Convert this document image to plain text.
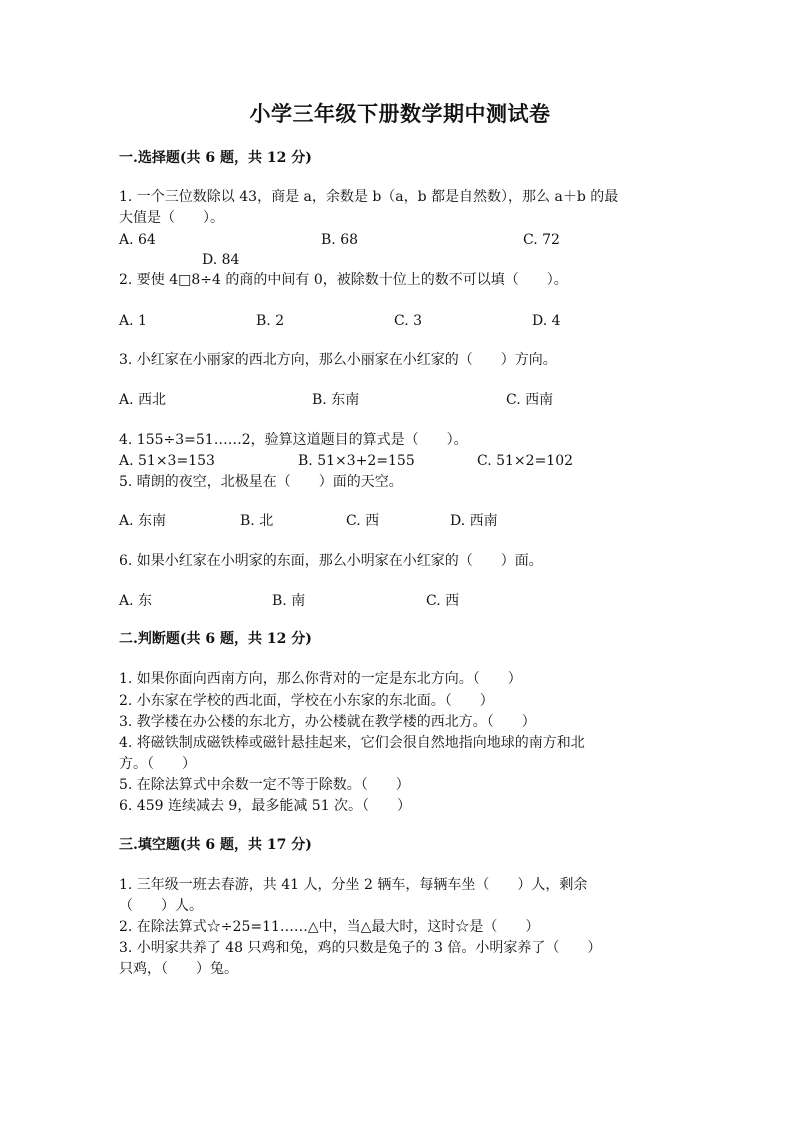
小学三年级下册数学期中测试卷
一.选择题(共 6 题，共 12 分)
1. 一个三位数除以 43，商是 a，余数是 b（a，b 都是自然数），那么 a＋b 的最
大值是（　　）。
A. 64	B. 68	C. 72
D. 84
2. 要使 4□8÷4 的商的中间有 0，被除数十位上的数不可以填（　　）。
A. 1	B. 2	C. 3	D. 4
3. 小红家在小丽家的西北方向，那么小丽家在小红家的（　　）方向。
A. 西北	B. 东南	C. 西南
4. 155÷3=51……2，验算这道题目的算式是（　　）。
A. 51×3=153	B. 51×3+2=155	C. 51×2=102
5. 晴朗的夜空，北极星在（　　）面的天空。
A. 东南	B. 北	C. 西	D. 西南
6. 如果小红家在小明家的东面，那么小明家在小红家的（　　）面。
A. 东	B. 南	C. 西
二.判断题(共 6 题，共 12 分)
1. 如果你面向西南方向，那么你背对的一定是东北方向。（　　）
2. 小东家在学校的西北面，学校在小东家的东北面。（　　）
3. 教学楼在办公楼的东北方，办公楼就在教学楼的西北方。（　　）
4. 将磁铁制成磁铁棒或磁针悬挂起来，它们会很自然地指向地球的南方和北
方。（　　）
5. 在除法算式中余数一定不等于除数。（　　）
6. 459 连续减去 9，最多能减 51 次。（　　）
三.填空题(共 6 题，共 17 分)
1. 三年级一班去春游，共 41 人，分坐 2 辆车，每辆车坐（　　）人，剩余
（　　）人。
2. 在除法算式☆÷25=11……△中，当△最大时，这时☆是（　　）
3. 小明家共养了 48 只鸡和兔，鸡的只数是兔子的 3 倍。小明家养了（　　）
只鸡，（　　）兔。
